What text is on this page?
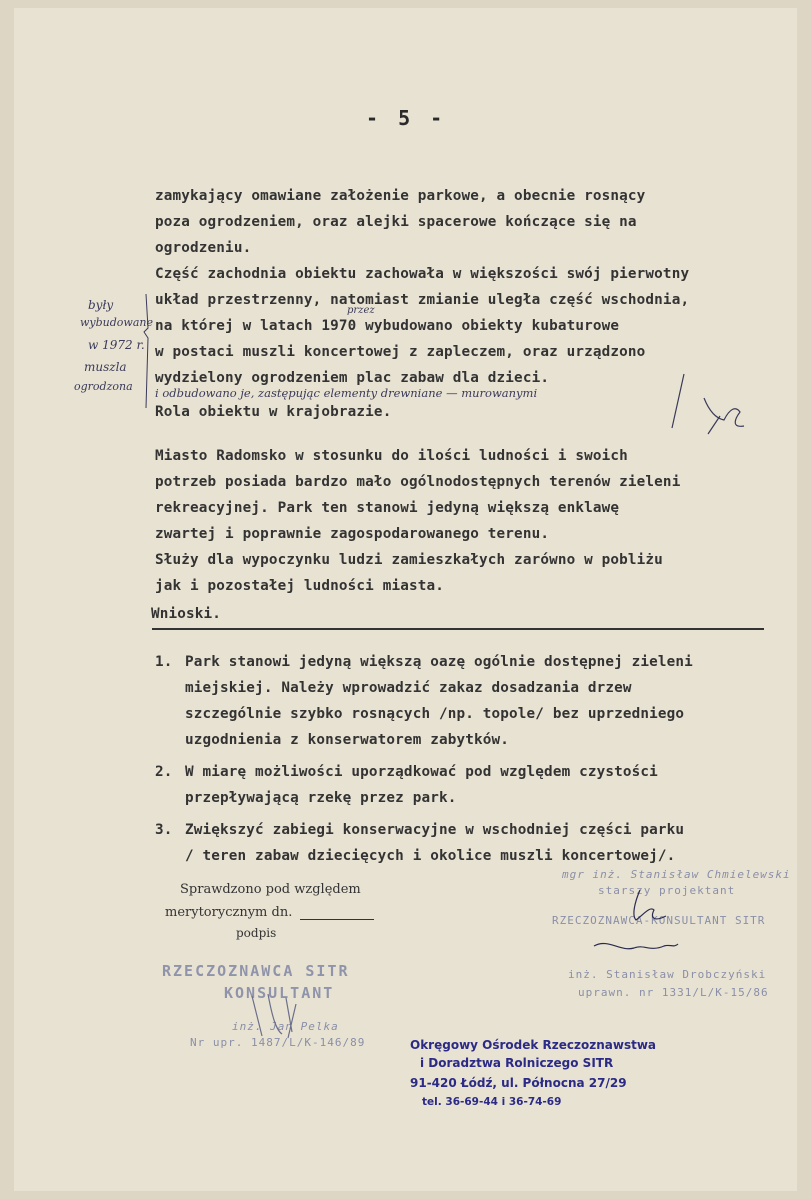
- 5 -
zamykający omawiane założenie parkowe, a obecnie rosnący
poza ogrodzeniem, oraz alejki spacerowe kończące się na
ogrodzeniu.
Część zachodnia obiektu zachowała w większości swój pierwotny
układ przestrzenny, natomiast zmianie uległa część wschodnia,
na której w latach 1970 wybudowano obiekty kubaturowe
w postaci muszli koncertowej z zapleczem, oraz urządzono
wydzielony ogrodzeniem plac zabaw dla dzieci.
przez
i odbudowano je, zastępując elementy drewniane — murowanymi
Rola obiektu w krajobrazie.
były
wybudowane
w 1972 r.
muszla
ogrodzona
Miasto Radomsko w stosunku do ilości ludności i swoich
potrzeb posiada bardzo mało ogólnodostępnych terenów zieleni
rekreacyjnej. Park ten stanowi jedyną większą enklawę
zwartej i poprawnie zagospodarowanego terenu.
Służy dla wypoczynku ludzi zamieszkałych zarówno w pobliżu
jak i pozostałej ludności miasta.
Wnioski.
1. Park stanowi jedyną większą oazę ogólnie dostępnej zieleni
miejskiej. Należy wprowadzić zakaz dosadzania drzew
szczególnie szybko rosnących /np. topole/ bez uprzedniego
uzgodnienia z konserwatorem zabytków.
2. W miarę możliwości uporządkować pod względem czystości
przepływającą rzekę przez park.
3. Zwiększyć zabiegi konserwacyjne w wschodniej części parku
/ teren zabaw dziecięcych i okolice muszli koncertowej/.
Sprawdzono pod względem
merytorycznym dn.
podpis
RZECZOZNAWCA SITR
KONSULTANT
inż. Jan Pelka
Nr upr. 1487/L/K-146/89
mgr inż. Stanisław Chmielewski
starszy projektant
RZECZOZNAWCA-KONSULTANT SITR
inż. Stanisław Drobczyński
uprawn. nr 1331/L/K-15/86
Okręgowy Ośrodek Rzeczoznawstwa
i Doradztwa Rolniczego SITR
91-420 Łódź, ul. Północna 27/29
tel. 36-69-44 i 36-74-69
